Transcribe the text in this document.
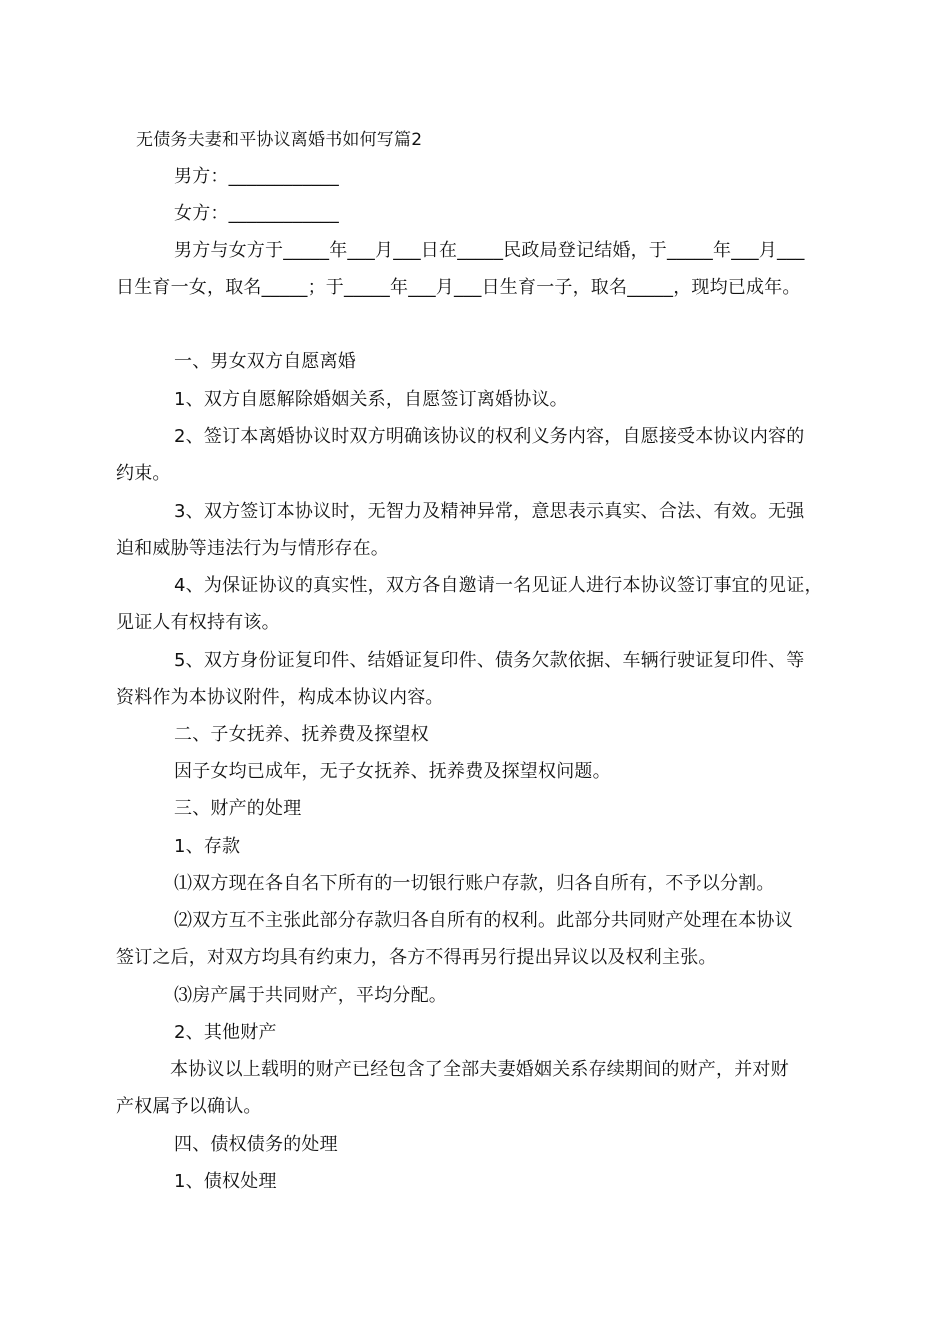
无债务夫妻和平协议离婚书如何写篇2
男方：____________
女方：____________
男方与女方于_____年___月___日在_____民政局登记结婚，于_____年___月___
日生育一女，取名_____；于_____年___月___日生育一子，取名_____，现均已成年。
一、男女双方自愿离婚
1、双方自愿解除婚姻关系，自愿签订离婚协议。
2、签订本离婚协议时双方明确该协议的权利义务内容，自愿接受本协议内容的
约束。
3、双方签订本协议时，无智力及精神异常，意思表示真实、合法、有效。无强
迫和威胁等违法行为与情形存在。
4、为保证协议的真实性，双方各自邀请一名见证人进行本协议签订事宜的见证，
见证人有权持有该。
5、双方身份证复印件、结婚证复印件、债务欠款依据、车辆行驶证复印件、等
资料作为本协议附件，构成本协议内容。
二、子女抚养、抚养费及探望权
因子女均已成年，无子女抚养、抚养费及探望权问题。
三、财产的处理
1、存款
⑴双方现在各自名下所有的一切银行账户存款，归各自所有，不予以分割。
⑵双方互不主张此部分存款归各自所有的权利。此部分共同财产处理在本协议
签订之后，对双方均具有约束力，各方不得再另行提出异议以及权利主张。
⑶房产属于共同财产，平均分配。
2、其他财产
本协议以上载明的财产已经包含了全部夫妻婚姻关系存续期间的财产，并对财
产权属予以确认。
四、债权债务的处理
1、债权处理
